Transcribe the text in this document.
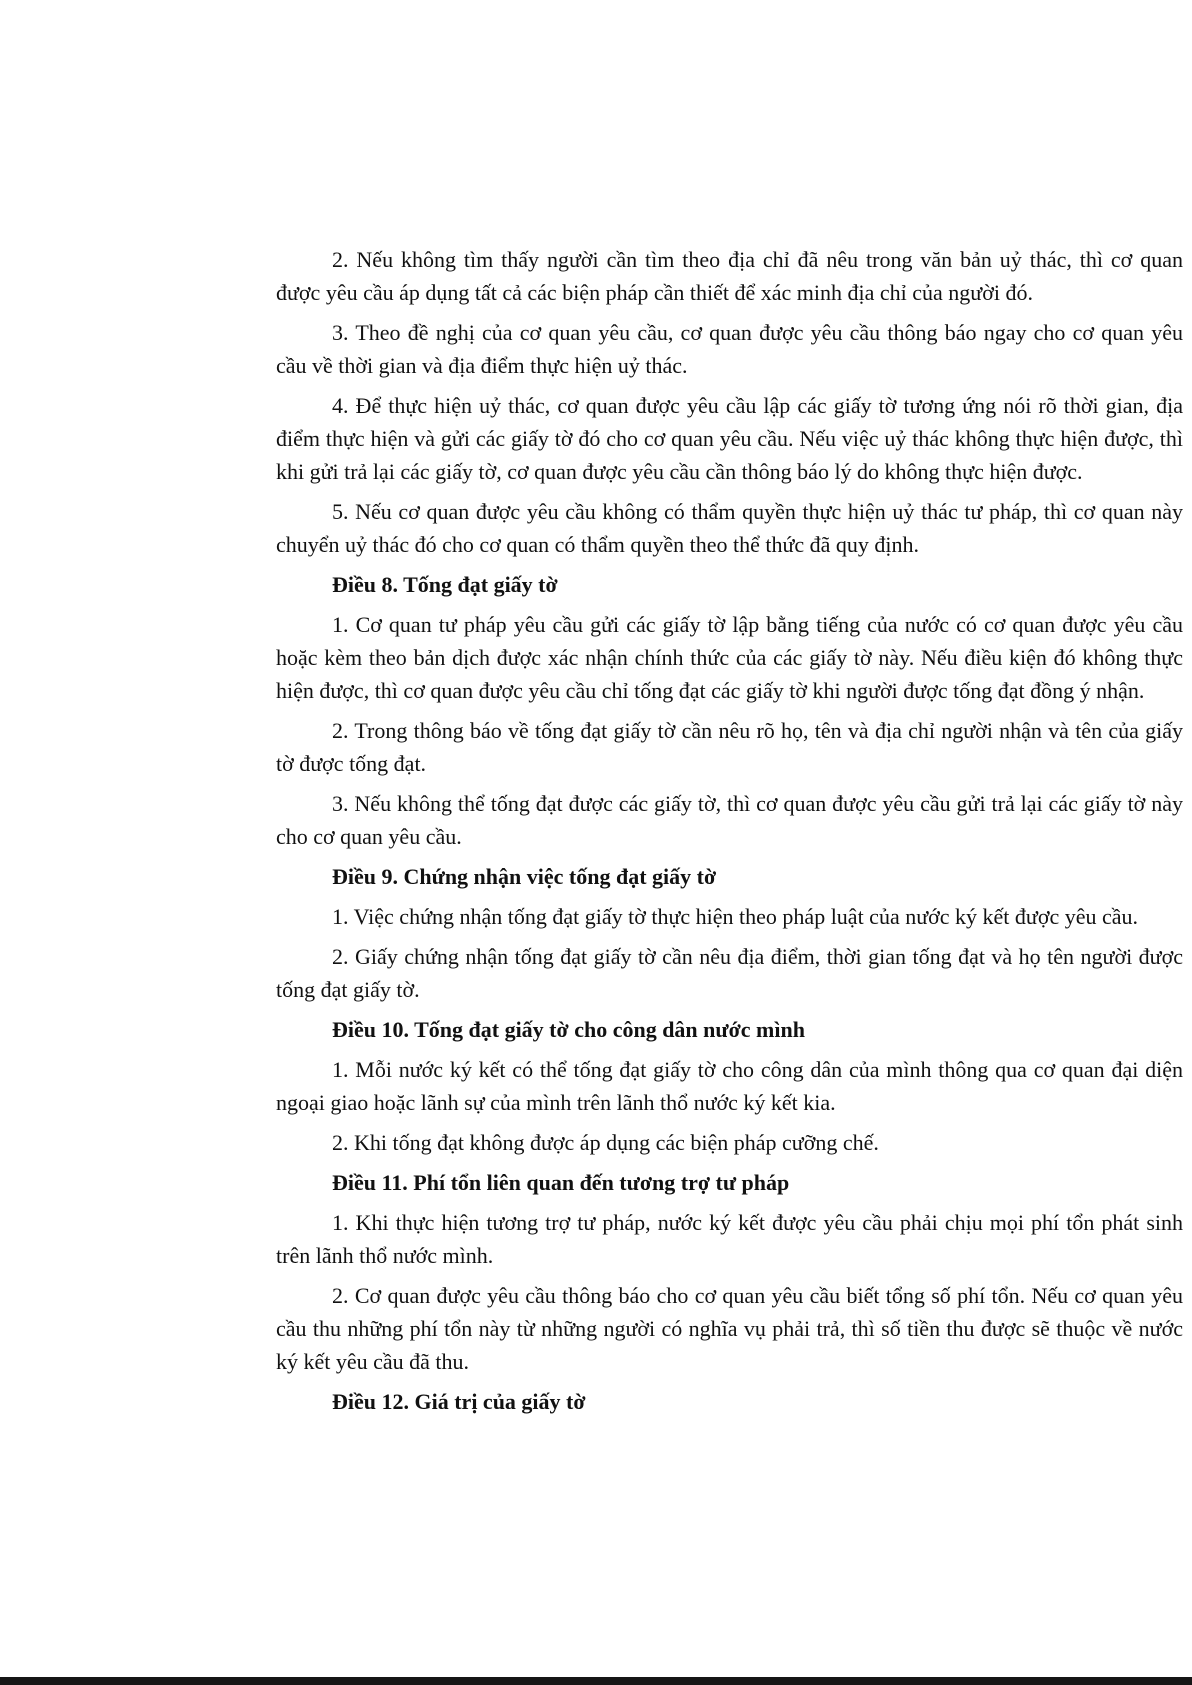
2. Nếu không tìm thấy người cần tìm theo địa chỉ đã nêu trong văn bản uỷ thác, thì cơ quan được yêu cầu áp dụng tất cả các biện pháp cần thiết để xác minh địa chỉ của người đó.

3. Theo đề nghị của cơ quan yêu cầu, cơ quan được yêu cầu thông báo ngay cho cơ quan yêu cầu về thời gian và địa điểm thực hiện uỷ thác.

4. Để thực hiện uỷ thác, cơ quan được yêu cầu lập các giấy tờ tương ứng nói rõ thời gian, địa điểm thực hiện và gửi các giấy tờ đó cho cơ quan yêu cầu. Nếu việc uỷ thác không thực hiện được, thì khi gửi trả lại các giấy tờ, cơ quan được yêu cầu cần thông báo lý do không thực hiện được.

5. Nếu cơ quan được yêu cầu không có thẩm quyền thực hiện uỷ thác tư pháp, thì cơ quan này chuyển uỷ thác đó cho cơ quan có thẩm quyền theo thể thức đã quy định.

Điều 8. Tống đạt giấy tờ

1. Cơ quan tư pháp yêu cầu gửi các giấy tờ lập bằng tiếng của nước có cơ quan được yêu cầu hoặc kèm theo bản dịch được xác nhận chính thức của các giấy tờ này. Nếu điều kiện đó không thực hiện được, thì cơ quan được yêu cầu chỉ tống đạt các giấy tờ khi người được tống đạt đồng ý nhận.

2. Trong thông báo về tống đạt giấy tờ cần nêu rõ họ, tên và địa chỉ người nhận và tên của giấy tờ được tống đạt.

3. Nếu không thể tống đạt được các giấy tờ, thì cơ quan được yêu cầu gửi trả lại các giấy tờ này cho cơ quan yêu cầu.

Điều 9. Chứng nhận việc tống đạt giấy tờ

1. Việc chứng nhận tống đạt giấy tờ thực hiện theo pháp luật của nước ký kết được yêu cầu.

2. Giấy chứng nhận tống đạt giấy tờ cần nêu địa điểm, thời gian tống đạt và họ tên người được tống đạt giấy tờ.

Điều 10. Tống đạt giấy tờ cho công dân nước mình

1. Mỗi nước ký kết có thể tống đạt giấy tờ cho công dân của mình thông qua cơ quan đại diện ngoại giao hoặc lãnh sự của mình trên lãnh thổ nước ký kết kia.

2. Khi tống đạt không được áp dụng các biện pháp cưỡng chế.

Điều 11. Phí tổn liên quan đến tương trợ tư pháp

1. Khi thực hiện tương trợ tư pháp, nước ký kết được yêu cầu phải chịu mọi phí tổn phát sinh trên lãnh thổ nước mình.

2. Cơ quan được yêu cầu thông báo cho cơ quan yêu cầu biết tổng số phí tổn. Nếu cơ quan yêu cầu thu những phí tổn này từ những người có nghĩa vụ phải trả, thì số tiền thu được sẽ thuộc về nước ký kết yêu cầu đã thu.

Điều 12. Giá trị của giấy tờ
